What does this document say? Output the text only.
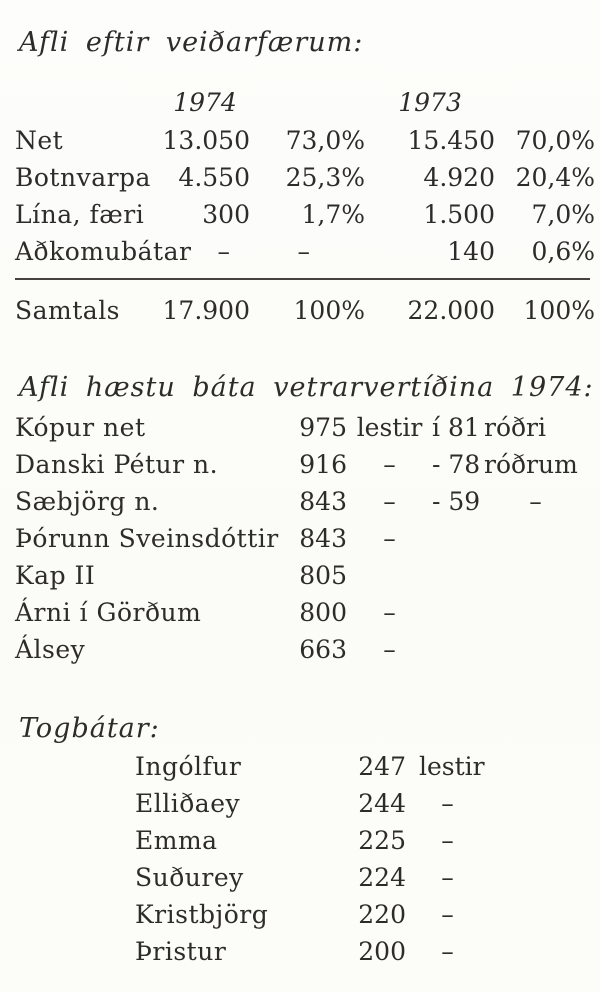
Afli eftir veiðarfærum:
1974	1973
Net	13.050	73,0%	15.450 70,0%
Botnvarpa	4.550	25,3%	4.920 20,4%
Lína, færi	300	1,7%	1.500	7,0%
Aðkomubátar	–	–	140	0,6%
Samtals	17.900	100%	22.000	100%
Afli hæstu báta vetrarvertíðina 1974:
Kópur net	975 lestir í 81 róðri
Danski Pétur n.	916	–	- 78 róðrum
Sæbjörg n.	843	–	- 59	–
Þórunn Sveinsdóttir 843	–
Kap II	805
Árni í Görðum	800	–
Álsey	663	–
Togbátar:
Ingólfur	247 lestir
Elliðaey	244	–
Emma	225	–
Suðurey	224	–
Kristbjörg	220	–
Þristur	200	–
